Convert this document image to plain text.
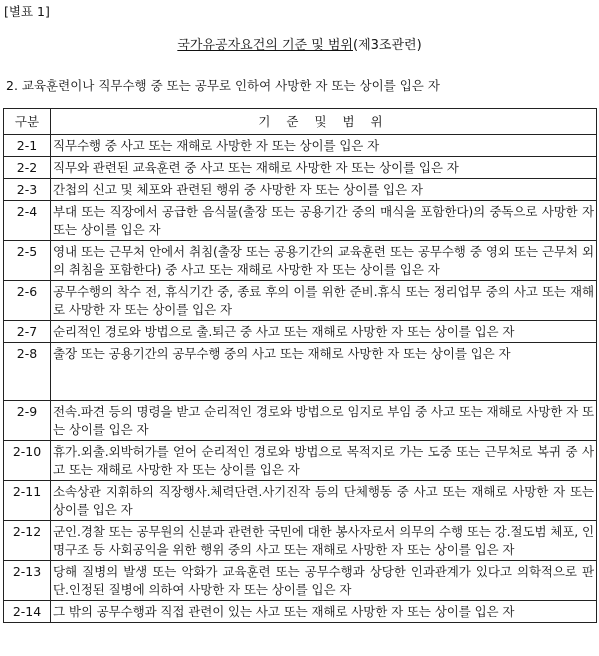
[별표 1]
국가유공자요건의 기준 및 범위(제3조관련)
2. 교육훈련이나 직무수행 중 또는 공무로 인하여 사망한 자 또는 상이를 입은 자
구분	기 준 및 범 위
2-1	직무수행 중 사고 또는 재해로 사망한 자 또는 상이를 입은 자
2-2	직무와 관련된 교육훈련 중 사고 또는 재해로 사망한 자 또는 상이를 입은 자
2-3	간첩의 신고 및 체포와 관련된 행위 중 사망한 자 또는 상이를 입은 자
2-4	부대 또는 직장에서 공급한 음식물(출장 또는 공용기간 중의 매식을 포함한다)의 중독으로 사망한 자 또는 상이를 입은 자
2-5	영내 또는 근무처 안에서 취침(출장 또는 공용기간의 교육훈련 또는 공무수행 중 영외 또는 근무처 외의 취침을 포함한다) 중 사고 또는 재해로 사망한 자 또는 상이를 입은 자
2-6	공무수행의 착수 전, 휴식기간 중, 종료 후의 이를 위한 준비.휴식 또는 정리업무 중의 사고 또는 재해로 사망한 자 또는 상이를 입은 자
2-7	순리적인 경로와 방법으로 출.퇴근 중 사고 또는 재해로 사망한 자 또는 상이를 입은 자
2-8	출장 또는 공용기간의 공무수행 중의 사고 또는 재해로 사망한 자 또는 상이를 입은 자
2-9	전속.파견 등의 명령을 받고 순리적인 경로와 방법으로 임지로 부임 중 사고 또는 재해로 사망한 자 또는 상이를 입은 자
2-10	휴가.외출.외박허가를 얻어 순리적인 경로와 방법으로 목적지로 가는 도중 또는 근무처로 복귀 중 사고 또는 재해로 사망한 자 또는 상이를 입은 자
2-11	소속상관 지휘하의 직장행사.체력단련.사기진작 등의 단체행동 중 사고 또는 재해로 사망한 자 또는 상이를 입은 자
2-12	군인.경찰 또는 공무원의 신분과 관련한 국민에 대한 봉사자로서 의무의 수행 또는 강.절도범 체포, 인명구조 등 사회공익을 위한 행위 중의 사고 또는 재해로 사망한 자 또는 상이를 입은 자
2-13	당해 질병의 발생 또는 악화가 교육훈련 또는 공무수행과 상당한 인과관계가 있다고 의학적으로 판단.인정된 질병에 의하여 사망한 자 또는 상이를 입은 자
2-14	그 밖의 공무수행과 직접 관련이 있는 사고 또는 재해로 사망한 자 또는 상이를 입은 자
